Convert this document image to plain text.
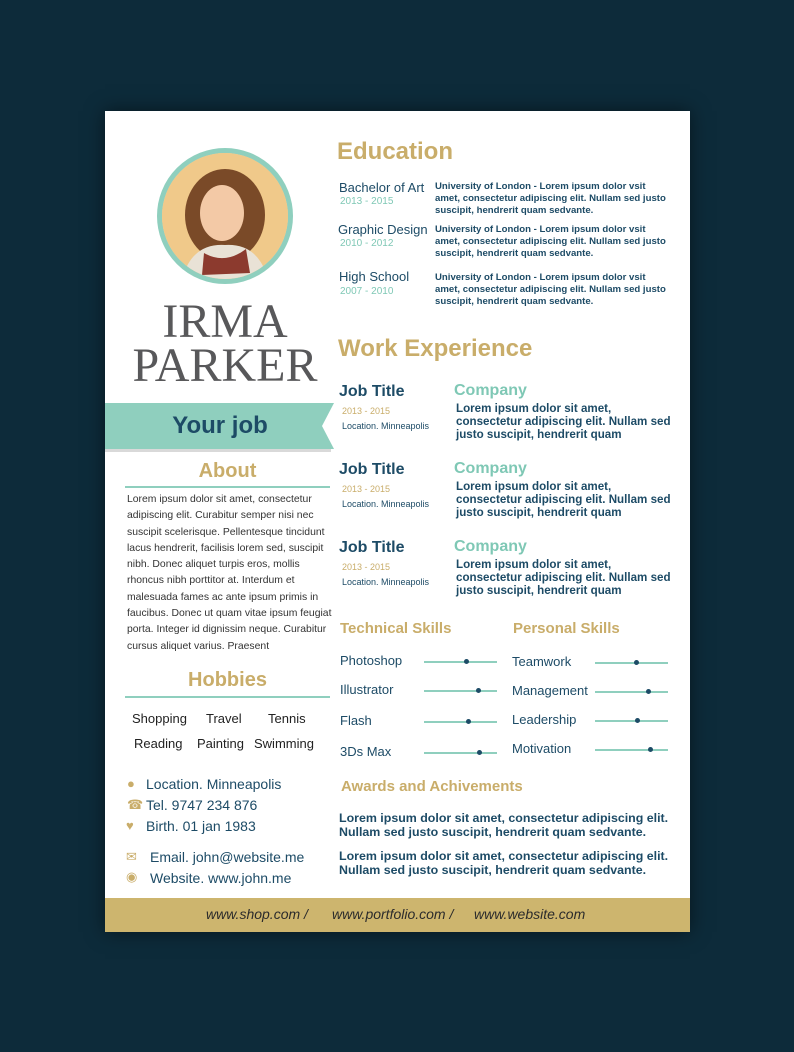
IRMA
PARKER
Your job
About
Lorem ipsum dolor sit amet, consectetur adipiscing elit. Curabitur semper nisi nec suscipit scelerisque. Pellentesque tincidunt lacus hendrerit, facilisis lorem sed, suscipit nibh. Donec aliquet turpis eros, mollis rhoncus nibh porttitor at. Interdum et malesuada fames ac ante ipsum primis in faucibus. Donec ut quam vitae ipsum feugiat porta. Integer id dignissim neque. Curabitur cursus aliquet varius. Praesent
Hobbies
Shopping Travel Tennis
Reading Painting Swimming
● Location. Minneapolis
☎ Tel. 9747 234 876
♥ Birth. 01 jan 1983
✉ Email. john@website.me
◉ Website. www.john.me
Education
Bachelor of Art
2013 - 2015
University of London - Lorem ipsum dolor vsit amet, consectetur adipiscing elit. Nullam sed justo suscipit, hendrerit quam sedvante.
Graphic Design
2010 - 2012
University of London - Lorem ipsum dolor vsit amet, consectetur adipiscing elit. Nullam sed justo suscipit, hendrerit quam sedvante.
High School
2007 - 2010
University of London - Lorem ipsum dolor vsit amet, consectetur adipiscing elit. Nullam sed justo suscipit, hendrerit quam sedvante.
Work Experience
Job Title
2013 - 2015
Location. Minneapolis
Company
Lorem ipsum dolor sit amet, consectetur adipiscing elit. Nullam sed justo suscipit, hendrerit quam
Job Title
2013 - 2015
Location. Minneapolis
Company
Lorem ipsum dolor sit amet, consectetur adipiscing elit. Nullam sed justo suscipit, hendrerit quam
Job Title
2013 - 2015
Location. Minneapolis
Company
Lorem ipsum dolor sit amet, consectetur adipiscing elit. Nullam sed justo suscipit, hendrerit quam
Technical Skills	Personal Skills
Photoshop
Illustrator
Flash
3Ds Max
Teamwork
Management
Leadership
Motivation
Awards and Achivements
Lorem ipsum dolor sit amet, consectetur adipiscing elit. Nullam sed justo suscipit, hendrerit quam sedvante.
Lorem ipsum dolor sit amet, consectetur adipiscing elit. Nullam sed justo suscipit, hendrerit quam sedvante.
www.shop.com / www.portfolio.com / www.website.com
